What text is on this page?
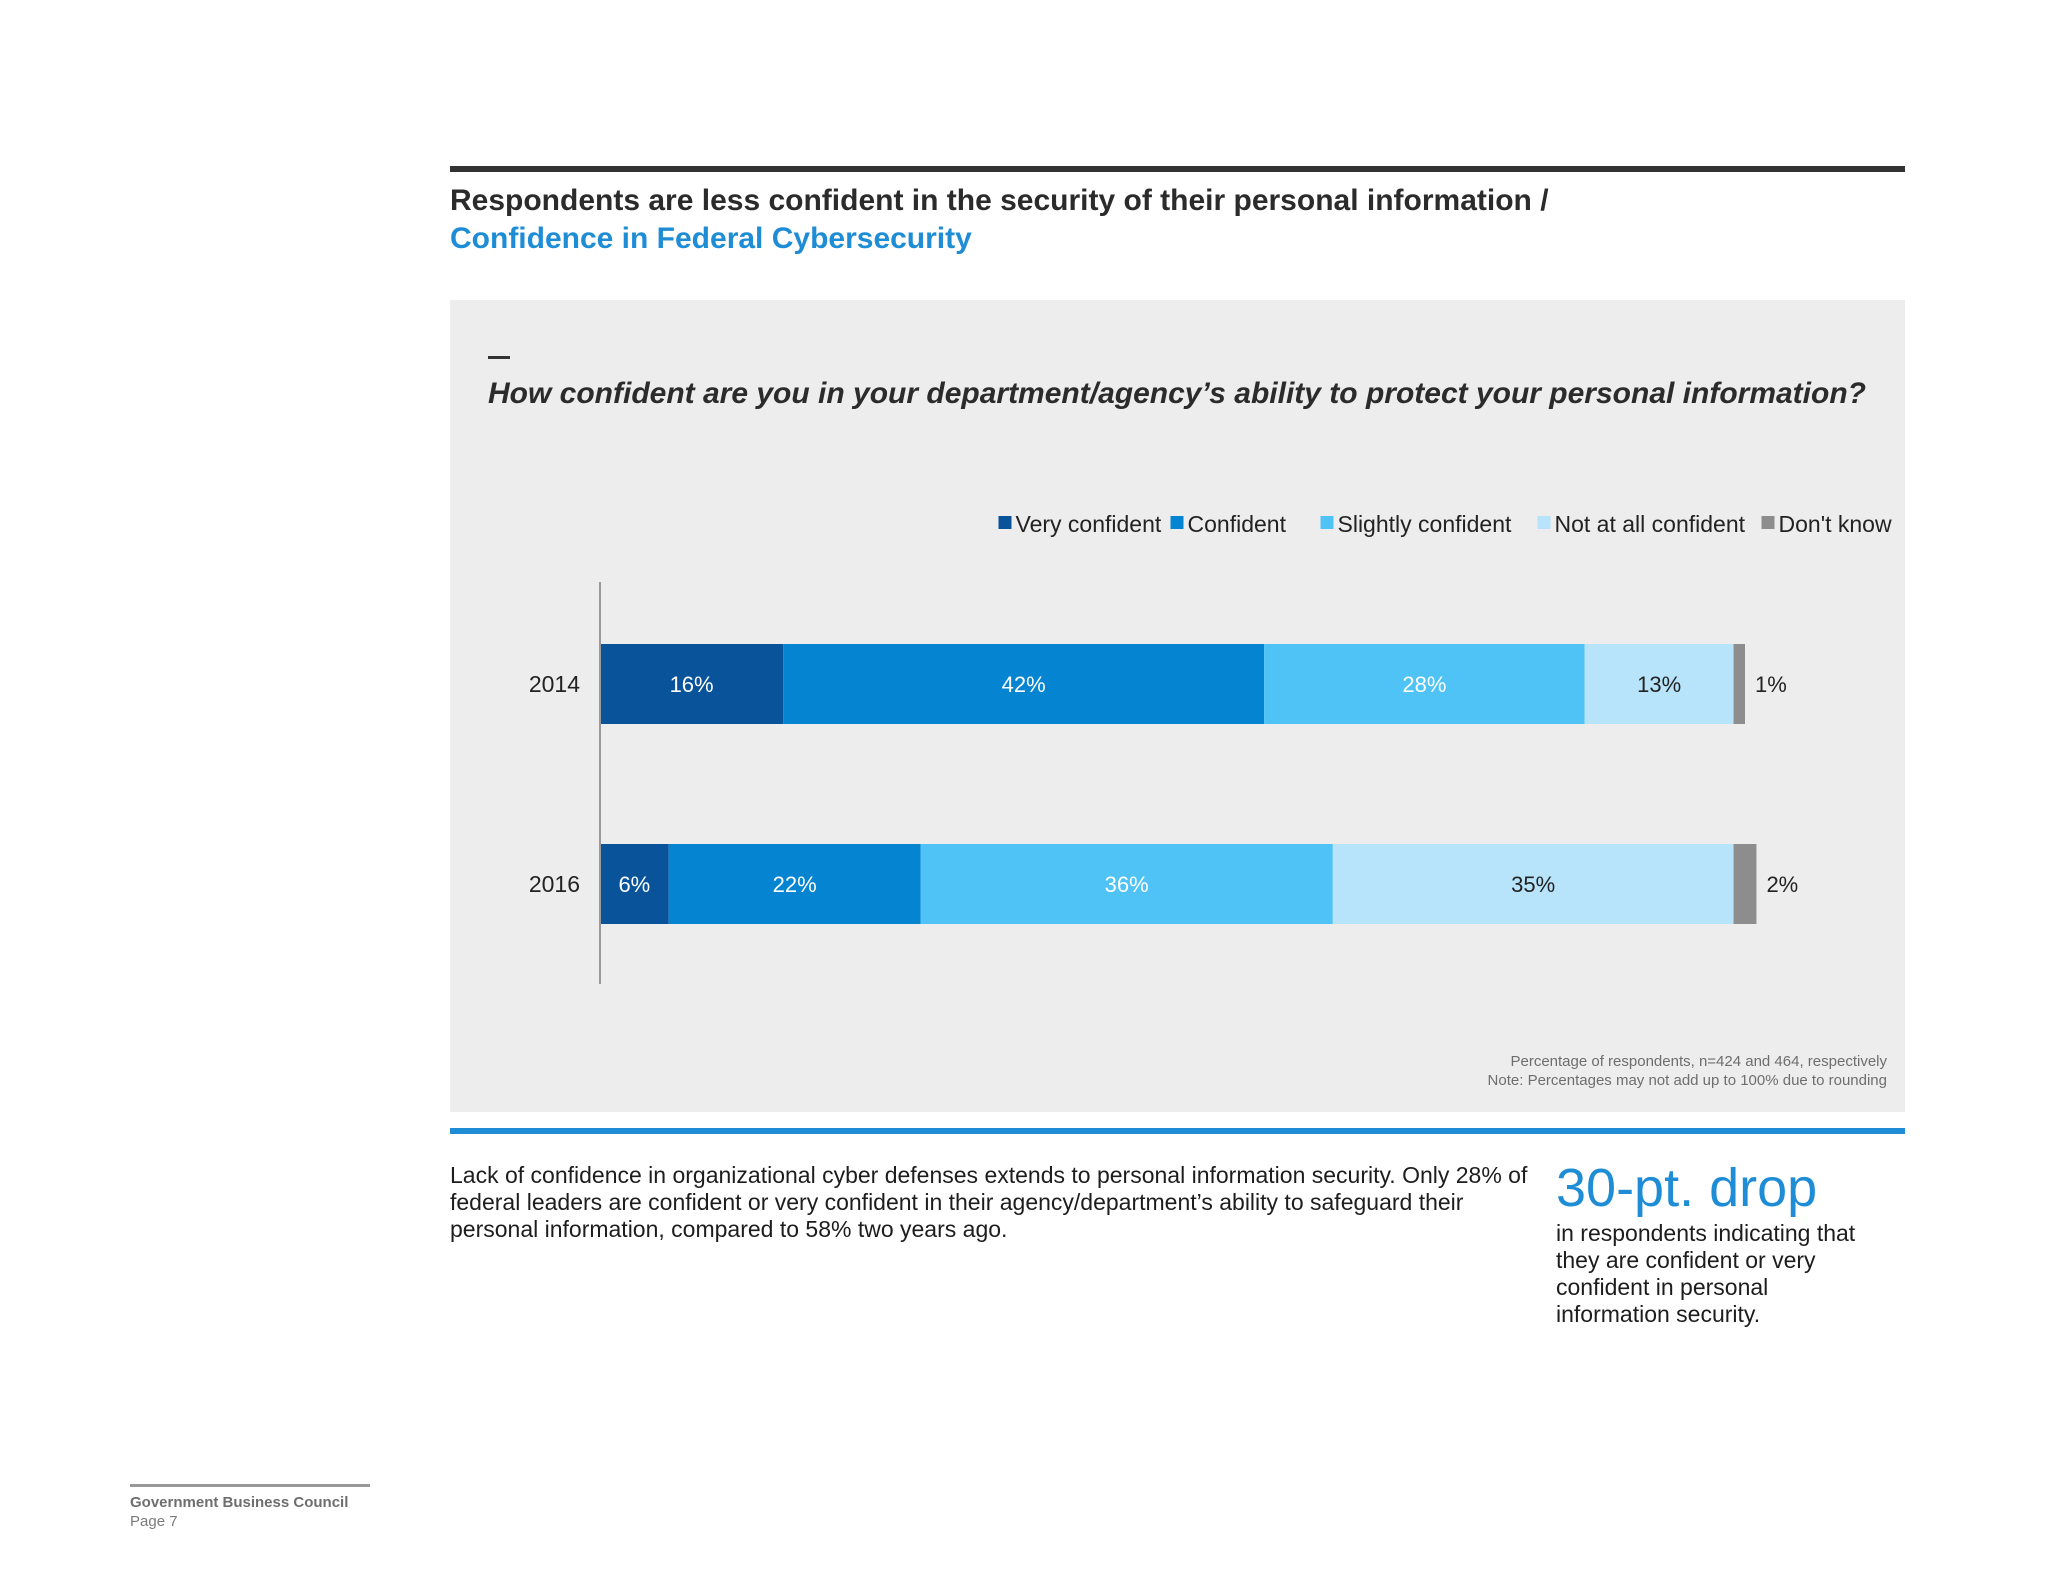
Respondents are less confident in the security of their personal information /
Confidence in Federal Cybersecurity
How confident are you in your department/agency’s ability to protect your personal information?
Very confident Confident Slightly confident Not at all confident Don't know
2014	16%	42%	28%	13%	1%
2016 6%	22%	36%	35%	2%
Percentage of respondents, n=424 and 464, respectively
Note: Percentages may not add up to 100% due to rounding
Lack of confidence in organizational cyber defenses extends to personal information security. Only 28% of federal leaders are confident or very confident in their agency/department’s ability to safeguard their personal information, compared to 58% two years ago.
30-pt. drop
in respondents indicating that they are confident or very confident in personal information security.
Government Business Council
Page 7
